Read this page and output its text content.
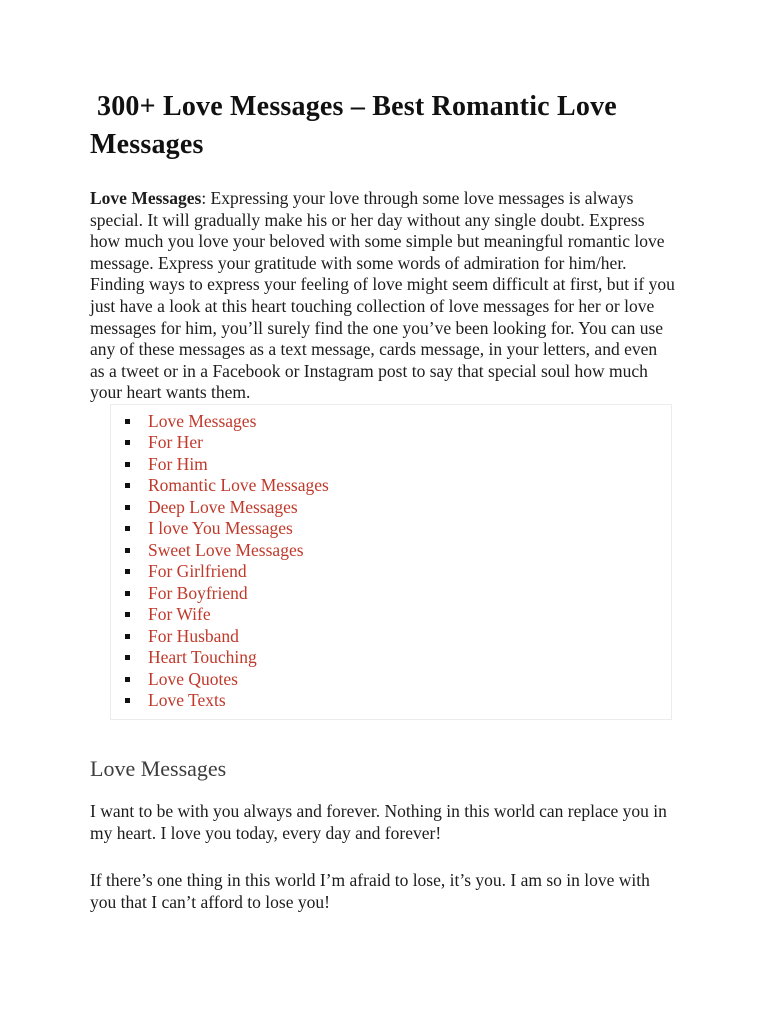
300+ Love Messages – Best Romantic Love Messages

Love Messages: Expressing your love through some love messages is always special. It will gradually make his or her day without any single doubt. Express how much you love your beloved with some simple but meaningful romantic love message. Express your gratitude with some words of admiration for him/her. Finding ways to express your feeling of love might seem difficult at first, but if you just have a look at this heart touching collection of love messages for her or love messages for him, you’ll surely find the one you’ve been looking for. You can use any of these messages as a text message, cards message, in your letters, and even as a tweet or in a Facebook or Instagram post to say that special soul how much your heart wants them.

Love Messages
For Her
For Him
Romantic Love Messages
Deep Love Messages
I love You Messages
Sweet Love Messages
For Girlfriend
For Boyfriend
For Wife
For Husband
Heart Touching
Love Quotes
Love Texts
Love Messages

I want to be with you always and forever. Nothing in this world can replace you in my heart. I love you today, every day and forever!

If there’s one thing in this world I’m afraid to lose, it’s you. I am so in love with you that I can’t afford to lose you!
